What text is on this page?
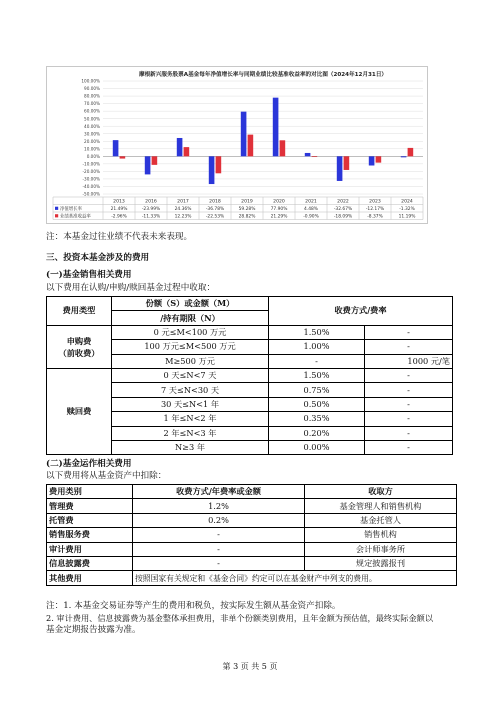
摩根新兴服务股票A基金每年净值增长率与同期业绩比较基准收益率的对比图（2024年12月31日）
-50.00%
-40.00%
-30.00%
-20.00%
-10.00%
0.00%
10.00%
20.00%
30.00%
40.00%
50.00%
60.00%
70.00%
80.00%
90.00%
100.00%
2013	2016	2017	2018	2019	2020	2021	2022	2023	2024
净值增长率	21.49%	-23.99%	24.36%	-36.78%	59.28%	77.90%	4.48%	-32.67%	-12.17%	-1.32%
业绩基准收益率	-2.96%	-11.33%	12.23%	-22.53%	28.82%	21.29%	-0.90%	-18.09%	-8.37%	11.19%
注：本基金过往业绩不代表未来表现。
三、投资本基金涉及的费用
(一)基金销售相关费用
以下费用在认购/申购/赎回基金过程中收取：
费用类型	份额（S）或金额（M）	收费方式/费率	
	/持有期限（N）		
申购费
（前收费）	0 元≤M<100 万元	1.50%	-
	100 万元≤M<500 万元	1.00%	-
	M≥500 万元	-	1000 元/笔
赎回费	0 天≤N<7 天	1.50%	-
	7 天≤N<30 天	0.75%	-
	30 天≤N<1 年	0.50%	-
	1 年≤N<2 年	0.35%	-
	2 年≤N<3 年	0.20%	-
	N≥3 年	0.00%	-
(二)基金运作相关费用
以下费用将从基金资产中扣除：
费用类别	收费方式/年费率或金额	收取方
管理费	1.2%	基金管理人和销售机构
托管费	0.2%	基金托管人
销售服务费	-	销售机构
审计费用	-	会计师事务所
信息披露费	-	规定披露报刊
其他费用	按照国家有关规定和《基金合同》约定可以在基金财产中列支的费用。	
注：1. 本基金交易证券等产生的费用和税负，按实际发生额从基金资产扣除。
2. 审计费用、信息披露费为基金整体承担费用，非单个份额类别费用，且年金额为预估值，最终实际金额以
基金定期报告披露为准。
第 3 页 共 5 页
